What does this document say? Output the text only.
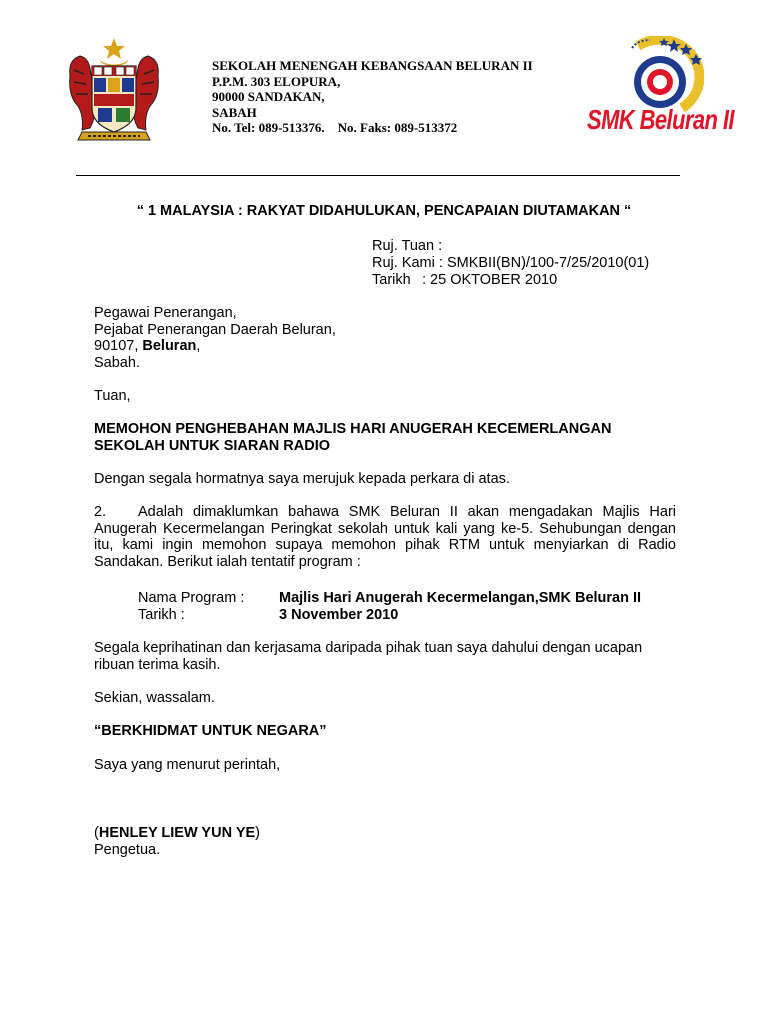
SMK Beluran II
SEKOLAH MENENGAH KEBANGSAAN BELURAN II
P.P.M. 303 ELOPURA,
90000 SANDAKAN,
SABAH
No. Tel: 089-513376.    No. Faks: 089-513372
“ 1 MALAYSIA : RAKYAT DIDAHULUKAN, PENCAPAIAN DIUTAMAKAN “
Ruj. Tuan :
Ruj. Kami :
SMKBII(BN)/100-7/25/2010(01)
Tarikh : 25 OKTOBER 2010
Pegawai Penerangan,
Pejabat Penerangan Daerah Beluran,
90107, Beluran,
Sabah.
Tuan,
MEMOHON PENGHEBAHAN MAJLIS HARI ANUGERAH KECEMERLANGAN SEKOLAH UNTUK SIARAN RADIO
Dengan segala hormatnya saya merujuk kepada perkara di atas.
2. Adalah dimaklumkan bahawa SMK Beluran II akan mengadakan Majlis Hari Anugerah Kecermelangan Peringkat sekolah untuk kali yang ke-5. Sehubungan dengan itu, kami ingin memohon supaya memohon pihak RTM untuk menyiarkan di Radio Sandakan. Berikut ialah tentatif program :
Nama Program :	Majlis Hari Anugerah Kecermelangan,SMK Beluran II
Tarikh :	3 November 2010
Segala keprihatinan dan kerjasama daripada pihak tuan saya dahului dengan ucapan ribuan terima kasih.
Sekian, wassalam.
“BERKHIDMAT UNTUK NEGARA”
Saya yang menurut perintah,
(HENLEY LIEW YUN YE)
Pengetua.
